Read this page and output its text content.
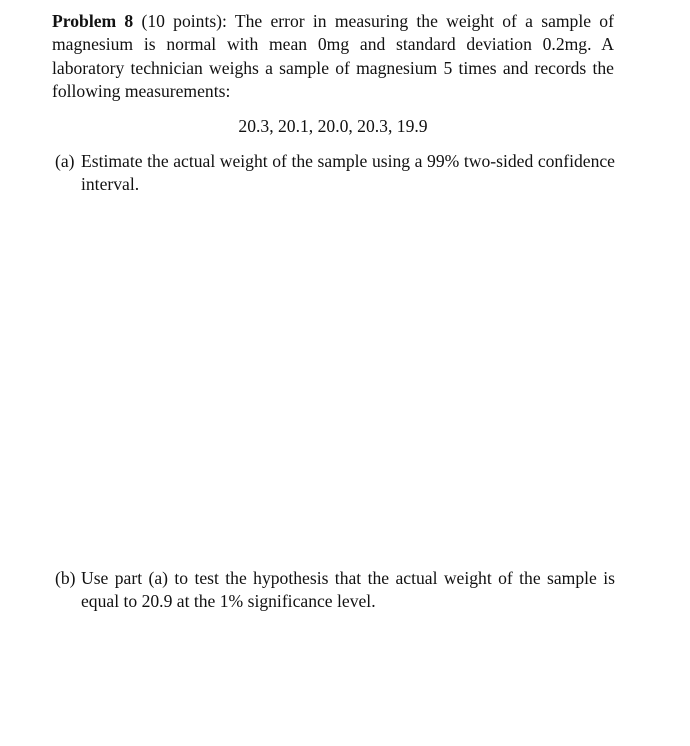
Problem 8 (10 points): The error in measuring the weight of a sample of magnesium is normal with mean 0mg and standard deviation 0.2mg. A laboratory technician weighs a sample of magnesium 5 times and records the following measurements:

20.3, 20.1, 20.0, 20.3, 19.9
(a) Estimate the actual weight of the sample using a 99% two-sided confidence interval.
(b) Use part (a) to test the hypothesis that the actual weight of the sample is equal to 20.9 at the 1% significance level.
